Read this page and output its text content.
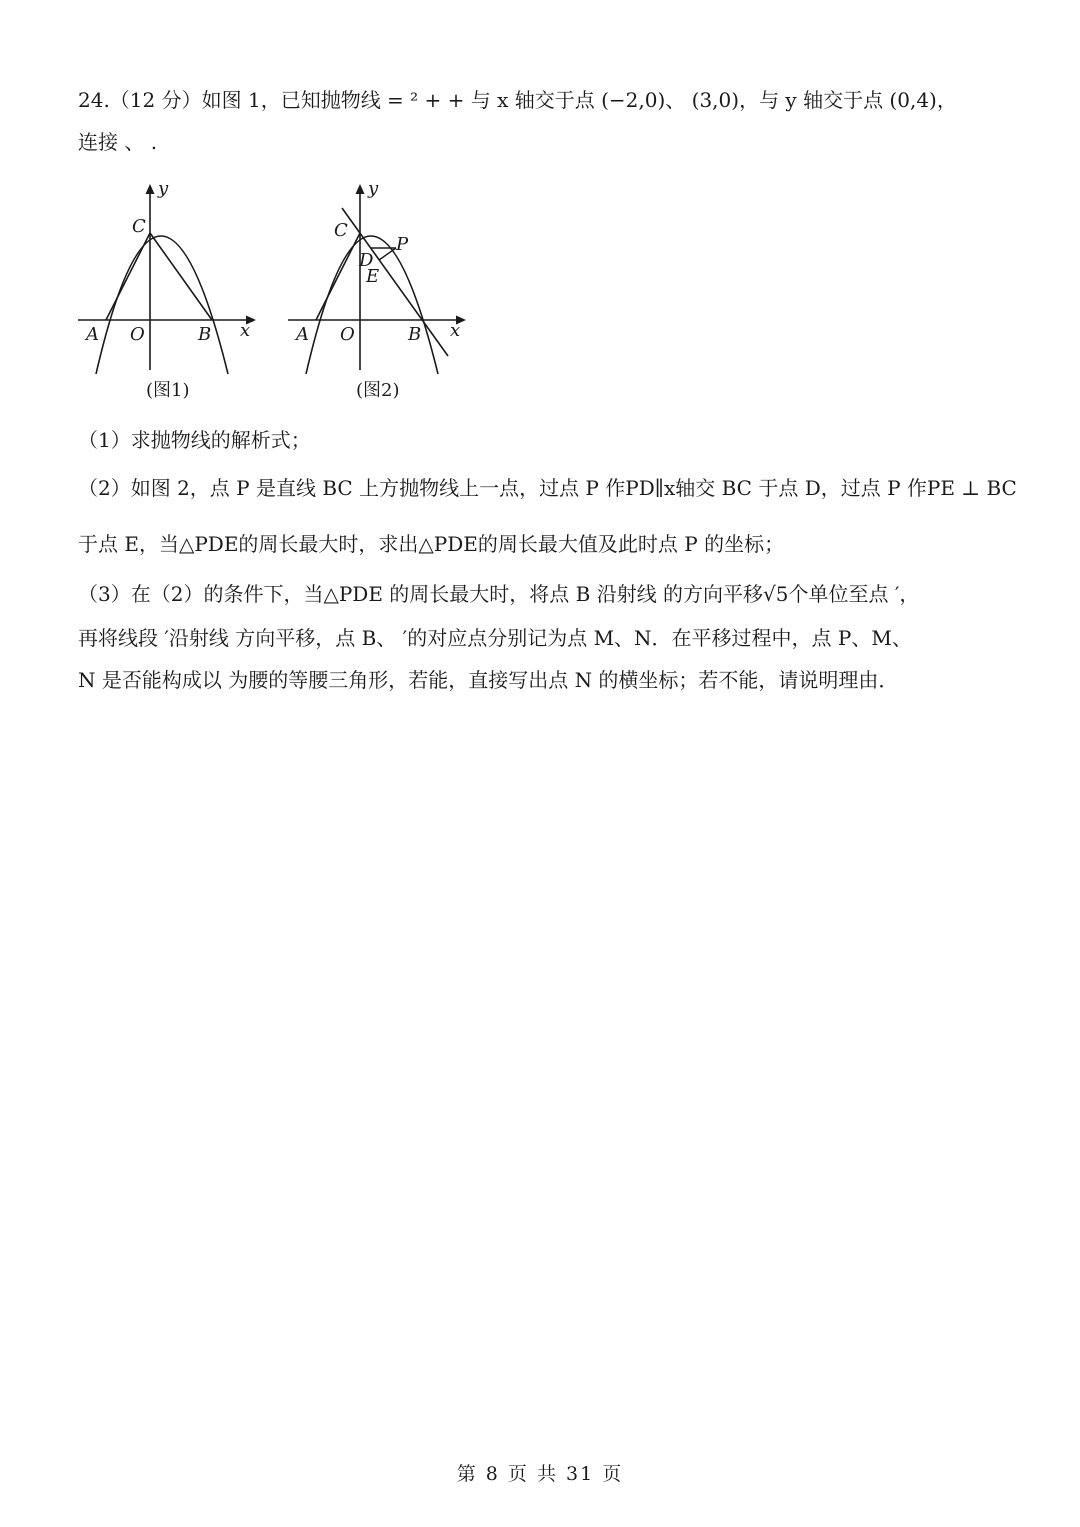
24.（12 分）如图 1，已知抛物线 = ² + + 与 x 轴交于点 (−2,0)、 (3,0)，与 y 轴交于点 (0,4)，
连接 、 .
y
x
C
A O	B
y
x
C
P
D
E
A O	B
(图1)	(图2)
（1）求抛物线的解析式；
（2）如图 2，点 P 是直线 BC 上方抛物线上一点，过点 P 作PD∥x轴交 BC 于点 D，过点 P 作PE ⊥ BC
于点 E，当△PDE的周长最大时，求出△PDE的周长最大值及此时点 P 的坐标；
（3）在（2）的条件下，当△PDE 的周长最大时，将点 B 沿射线 的方向平移√5个单位至点 ′，
再将线段 ′沿射线 方向平移，点 B、 ′的对应点分别记为点 M、N．在平移过程中，点 P、M、
N 是否能构成以 为腰的等腰三角形，若能，直接写出点 N 的横坐标；若不能，请说明理由．
第 8 页 共 31 页
